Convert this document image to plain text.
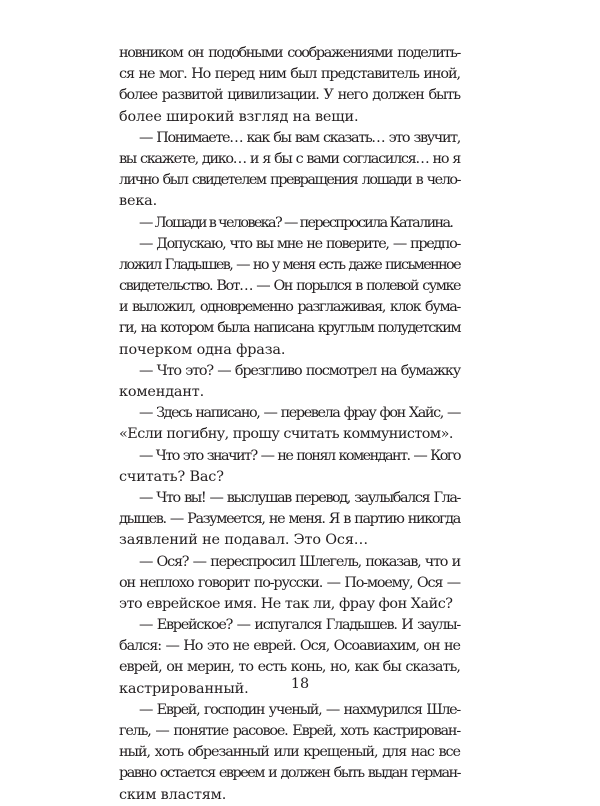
новником он подобными соображениями поделить-
ся не мог. Но перед ним был представитель иной,
более развитой цивилизации. У него должен быть
более широкий взгляд на вещи.
— Понимаете… как бы вам сказать… это звучит,
вы скажете, дико… и я бы с вами согласился… но я
лично был свидетелем превращения лошади в чело-
века.
— Лошади в человека? — переспросила Каталина.
— Допускаю, что вы мне не поверите, — предпо-
ложил Гладышев, — но у меня есть даже письменное
свидетельство. Вот… — Он порылся в полевой сумке
и выложил, одновременно разглаживая, клок бума-
ги, на котором была написана круглым полудетским
почерком одна фраза.
— Что это? — брезгливо посмотрел на бумажку
комендант.
— Здесь написано, — перевела фрау фон Хайс, —
«Если погибну, прошу считать коммунистом».
— Что это значит? — не понял комендант. — Кого
считать? Вас?
— Что вы! — выслушав перевод, заулыбался Гла-
дышев. — Разумеется, не меня. Я в партию никогда
заявлений не подавал. Это Ося…
— Ося? — переспросил Шлегель, показав, что и
он неплохо говорит по-русски. — По-моему, Ося —
это еврейское имя. Не так ли, фрау фон Хайс?
— Еврейское? — испугался Гладышев. И заулы-
бался: — Но это не еврей. Ося, Осоавиахим, он не
еврей, он мерин, то есть конь, но, как бы сказать,
кастрированный.
— Еврей, господин ученый, — нахмурился Шле-
гель, — понятие расовое. Еврей, хоть кастрирован-
ный, хоть обрезанный или крещеный, для нас все
равно остается евреем и должен быть выдан герман-
ским властям.
18
